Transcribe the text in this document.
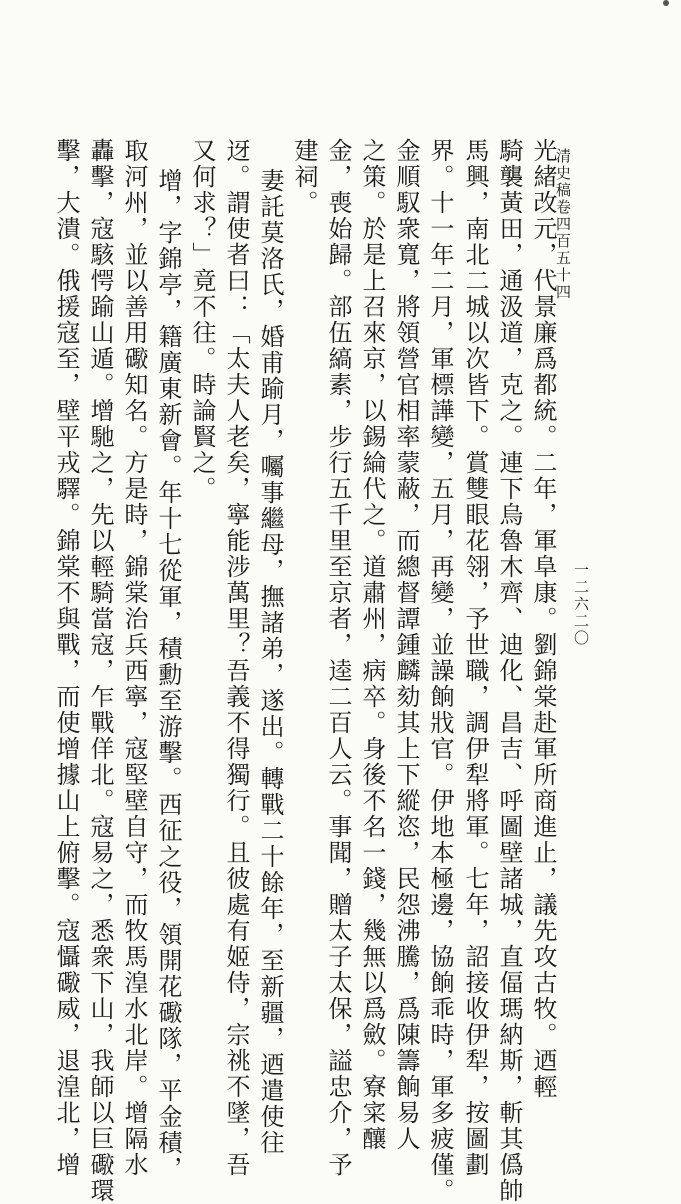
清史稿卷四百五十四
一二六二〇
光緒改元，代景廉爲都統。二年，軍阜康。劉錦棠赴軍所商進止，議先攻古牧。迺輕
騎襲黃田，通汲道，克之。連下烏魯木齊、迪化、昌吉、呼圖壁諸城，直偪瑪納斯，斬其僞帥
馬興，南北二城以次皆下。賞雙眼花翎，予世職，調伊犁將軍。七年，詔接收伊犁，按圖劃
界。十一年二月，軍標譁變，五月，再變，並譟餉戕官。伊地本極邊，協餉乖時，軍多疲僅。
金順馭衆寬，將領營官相率蒙蔽，而總督譚鍾麟劾其上下縱恣，民怨沸騰，爲陳籌餉易人
之策。於是上召來京，以錫綸代之。道肅州，病卒。身後不名一錢，幾無以爲斂。寮寀釀
金，喪始歸。部伍縞素，步行五千里至京者，逵二百人云。事聞，贈太子太保，謚忠介，予
建祠。
妻託莫洛氏，婚甫踰月，囑事繼母，撫諸弟，遂出。轉戰二十餘年，至新疆，迺遣使往
迓。謂使者曰：「太夫人老矣，寧能涉萬里？吾義不得獨行。且彼處有姬侍，宗祧不墜，吾
又何求？」竟不往。時論賢之。
增，字錦亭，籍廣東新會。年十七從軍，積勳至游擊。西征之役，領開花礮隊，平金積，
取河州，並以善用礮知名。方是時，錦棠治兵西寧，寇堅壁自守，而牧馬湟水北岸。增隔水
轟擊，寇駭愕踰山遁。增馳之，先以輕騎當寇，乍戰佯北。寇易之，悉衆下山，我師以巨礮環
擊，大潰。俄援寇至，壁平戎驛。錦棠不與戰，而使增據山上俯擊。寇懾礮威，退湟北，增
